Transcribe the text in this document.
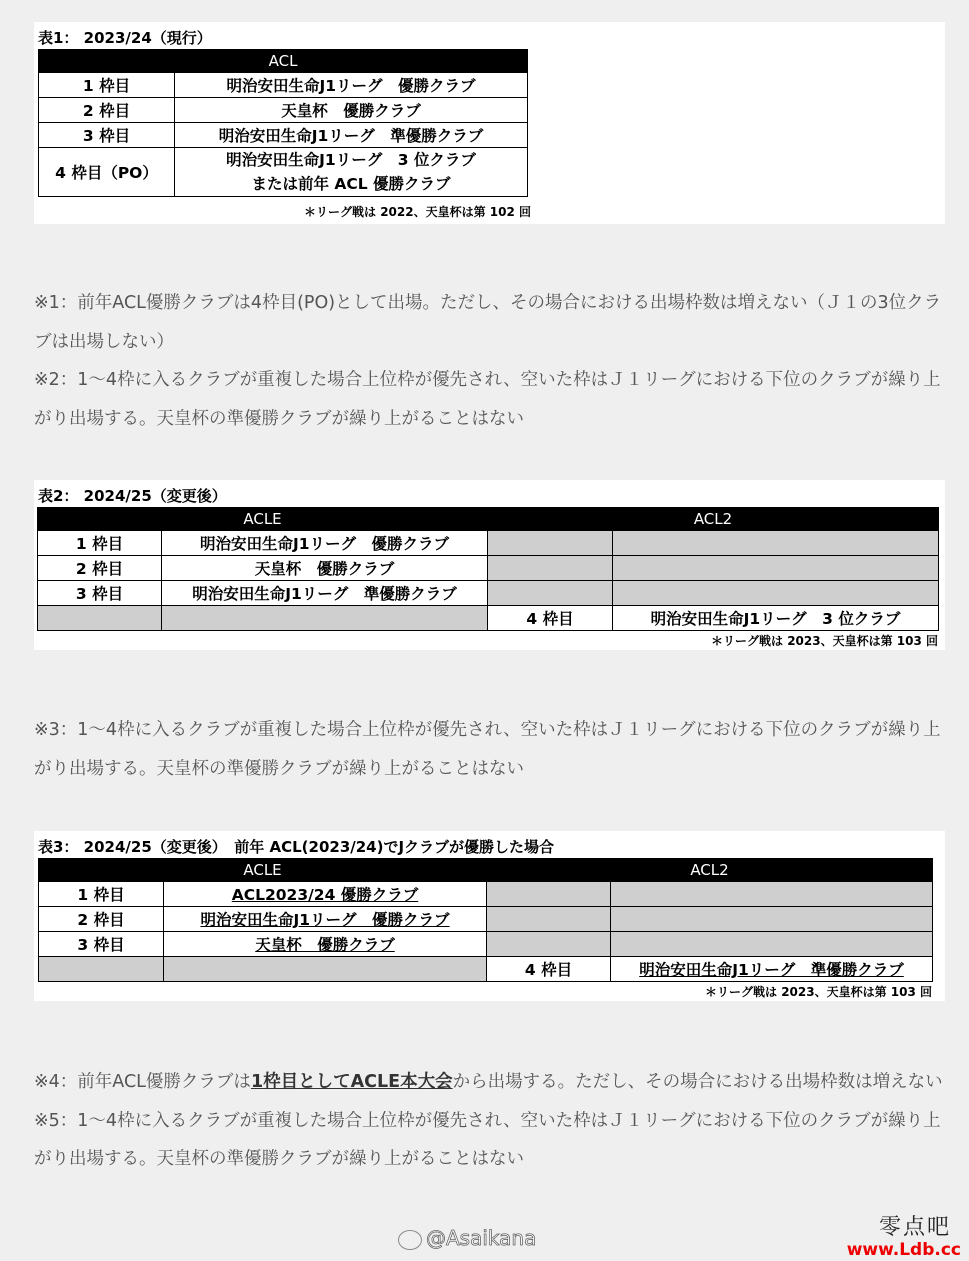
表1： 2023/24（現行）
ACL	
1 枠目	明治安田生命J1リーグ　優勝クラブ
2 枠目	天皇杯　優勝クラブ
3 枠目	明治安田生命J1リーグ　準優勝クラブ
4 枠目（PO）	明治安田生命J1リーグ　3 位クラブ
または前年 ACL 優勝クラブ
＊リーグ戦は 2022、天皇杯は第 102 回

※1：前年ACL優勝クラブは4枠目(PO)として出場。ただし、その場合における出場枠数は増えない（Ｊ１の3位クラブは出場しない）

※2：1～4枠に入るクラブが重複した場合上位枠が優先され、空いた枠はＪ１リーグにおける下位のクラブが繰り上がり出場する。天皇杯の準優勝クラブが繰り上がることはない

表2： 2024/25（変更後）
ACLE		ACL2	
1 枠目	明治安田生命J1リーグ　優勝クラブ		
2 枠目	天皇杯　優勝クラブ		
3 枠目	明治安田生命J1リーグ　準優勝クラブ		
		4 枠目	明治安田生命J1リーグ　3 位クラブ
＊リーグ戦は 2023、天皇杯は第 103 回

※3：1～4枠に入るクラブが重複した場合上位枠が優先され、空いた枠はＪ１リーグにおける下位のクラブが繰り上がり出場する。天皇杯の準優勝クラブが繰り上がることはない

表3： 2024/25（変更後）　前年 ACL(2023/24)でJクラブが優勝した場合
ACLE		ACL2	
1 枠目	ACL2023/24 優勝クラブ		
2 枠目	明治安田生命J1リーグ　優勝クラブ		
3 枠目	天皇杯　優勝クラブ		
		4 枠目	明治安田生命J1リーグ　準優勝クラブ
＊リーグ戦は 2023、天皇杯は第 103 回

※4：前年ACL優勝クラブは1枠目としてACLE本大会から出場する。ただし、その場合における出場枠数は増えない

※5：1～4枠に入るクラブが重複した場合上位枠が優先され、空いた枠はＪ１リーグにおける下位のクラブが繰り上がり出場する。天皇杯の準優勝クラブが繰り上がることはない

@Asaikana	零点吧
www.Ldb.cc
